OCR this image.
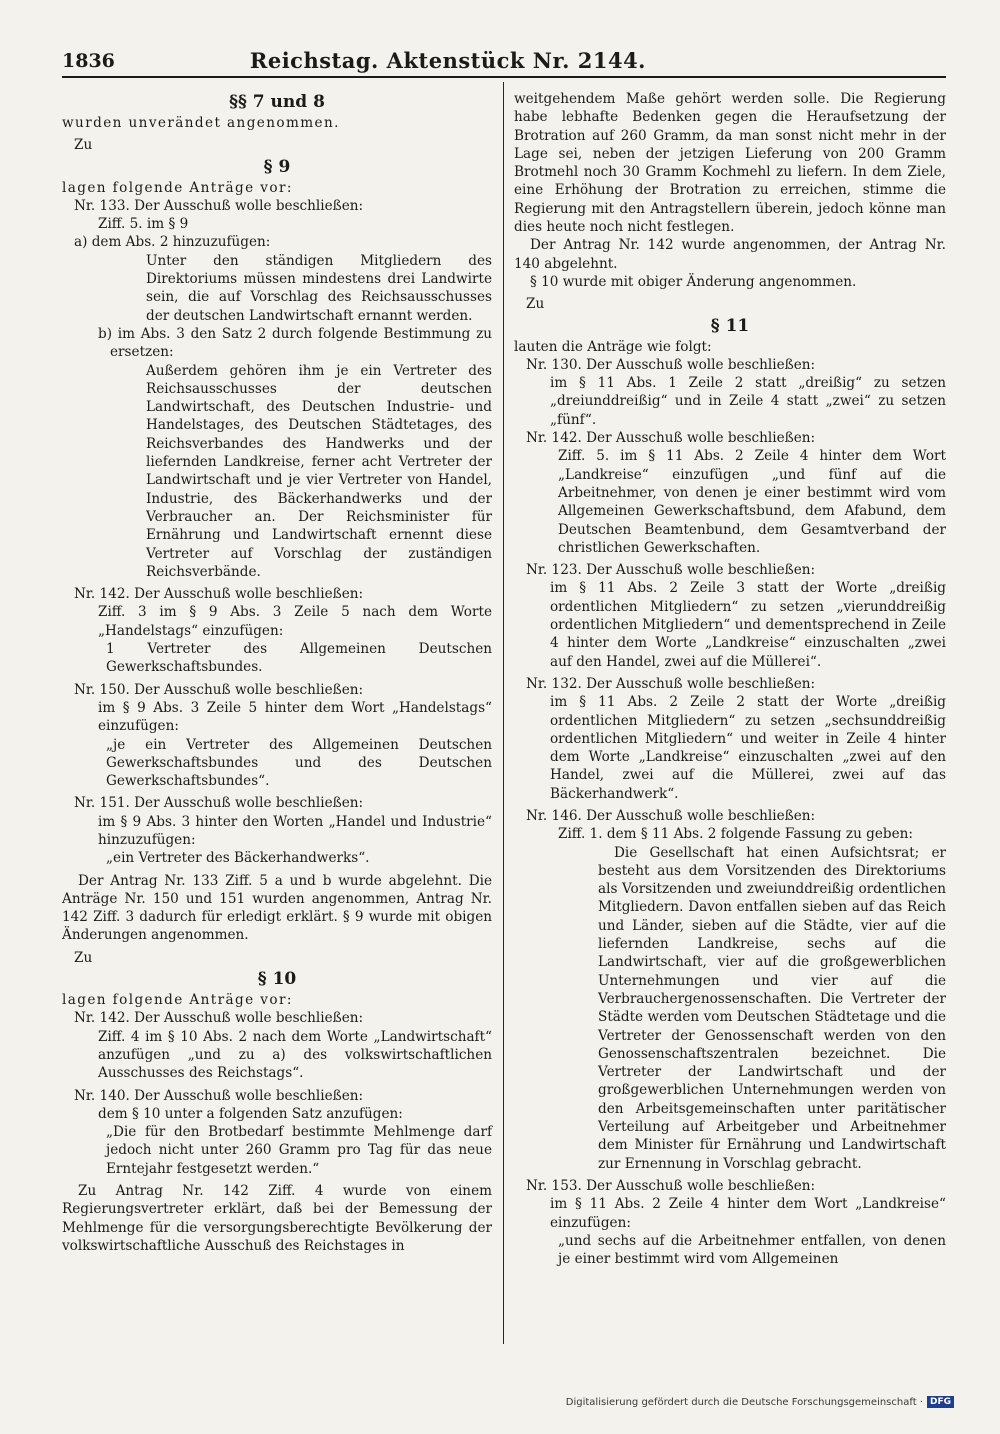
1836	Reichstag. Aktenstück Nr. 2144.

§§ 7 und 8

wurden unverändet angenommen.

Zu

§ 9

lagen folgende Anträge vor:

Nr. 133. Der Ausschuß wolle beschließen:

Ziff. 5. im § 9

a) dem Abs. 2 hinzuzufügen:

Unter den ständigen Mitgliedern des Direktoriums müssen mindestens drei Landwirte sein, die auf Vorschlag des Reichsausschusses der deutschen Landwirtschaft ernannt werden.

b) im Abs. 3 den Satz 2 durch folgende Bestimmung zu ersetzen:

Außerdem gehören ihm je ein Vertreter des Reichsausschusses der deutschen Landwirtschaft, des Deutschen Industrie- und Handelstages, des Deutschen Städtetages, des Reichsverbandes des Handwerks und der liefernden Landkreise, ferner acht Vertreter der Landwirtschaft und je vier Vertreter von Handel, Industrie, des Bäckerhandwerks und der Verbraucher an. Der Reichsminister für Ernährung und Landwirtschaft ernennt diese Vertreter auf Vorschlag der zuständigen Reichsverbände.

Nr. 142. Der Ausschuß wolle beschließen:

Ziff. 3 im § 9 Abs. 3 Zeile 5 nach dem Worte „Handelstags“ einzufügen:

1 Vertreter des Allgemeinen Deutschen Gewerkschaftsbundes.

Nr. 150. Der Ausschuß wolle beschließen:

im § 9 Abs. 3 Zeile 5 hinter dem Wort „Handelstags“ einzufügen:

„je ein Vertreter des Allgemeinen Deutschen Gewerkschaftsbundes und des Deutschen Gewerkschaftsbundes“.

Nr. 151. Der Ausschuß wolle beschließen:

im § 9 Abs. 3 hinter den Worten „Handel und Industrie“ hinzuzufügen:

„ein Vertreter des Bäckerhandwerks“.

Der Antrag Nr. 133 Ziff. 5 a und b wurde abgelehnt. Die Anträge Nr. 150 und 151 wurden angenommen, Antrag Nr. 142 Ziff. 3 dadurch für erledigt erklärt. § 9 wurde mit obigen Änderungen angenommen.

Zu

§ 10

lagen folgende Anträge vor:

Nr. 142. Der Ausschuß wolle beschließen:

Ziff. 4 im § 10 Abs. 2 nach dem Worte „Landwirtschaft“ anzufügen „und zu a) des volkswirtschaftlichen Ausschusses des Reichstags“.

Nr. 140. Der Ausschuß wolle beschließen:

dem § 10 unter a folgenden Satz anzufügen:

„Die für den Brotbedarf bestimmte Mehlmenge darf jedoch nicht unter 260 Gramm pro Tag für das neue Erntejahr festgesetzt werden.“

Zu Antrag Nr. 142 Ziff. 4 wurde von einem Regierungsvertreter erklärt, daß bei der Bemessung der Mehlmenge für die versorgungsberechtigte Bevölkerung der volkswirtschaftliche Ausschuß des Reichstages in

weitgehendem Maße gehört werden solle. Die Regierung habe lebhafte Bedenken gegen die Heraufsetzung der Brotration auf 260 Gramm, da man sonst nicht mehr in der Lage sei, neben der jetzigen Lieferung von 200 Gramm Brotmehl noch 30 Gramm Kochmehl zu liefern. In dem Ziele, eine Erhöhung der Brotration zu erreichen, stimme die Regierung mit den Antragstellern überein, jedoch könne man dies heute noch nicht festlegen.

Der Antrag Nr. 142 wurde angenommen, der Antrag Nr. 140 abgelehnt.

§ 10 wurde mit obiger Änderung angenommen.

Zu

§ 11

lauten die Anträge wie folgt:

Nr. 130. Der Ausschuß wolle beschließen:

im § 11 Abs. 1 Zeile 2 statt „dreißig“ zu setzen „dreiunddreißig“ und in Zeile 4 statt „zwei“ zu setzen „fünf“.

Nr. 142. Der Ausschuß wolle beschließen:

Ziff. 5. im § 11 Abs. 2 Zeile 4 hinter dem Wort „Landkreise“ einzufügen „und fünf auf die Arbeitnehmer, von denen je einer bestimmt wird vom Allgemeinen Gewerkschaftsbund, dem Afabund, dem Deutschen Beamtenbund, dem Gesamtverband der christlichen Gewerkschaften.

Nr. 123. Der Ausschuß wolle beschließen:

im § 11 Abs. 2 Zeile 3 statt der Worte „dreißig ordentlichen Mitgliedern“ zu setzen „vierunddreißig ordentlichen Mitgliedern“ und dementsprechend in Zeile 4 hinter dem Worte „Landkreise“ einzuschalten „zwei auf den Handel, zwei auf die Müllerei“.

Nr. 132. Der Ausschuß wolle beschließen:

im § 11 Abs. 2 Zeile 2 statt der Worte „dreißig ordentlichen Mitgliedern“ zu setzen „sechsunddreißig ordentlichen Mitgliedern“ und weiter in Zeile 4 hinter dem Worte „Landkreise“ einzuschalten „zwei auf den Handel, zwei auf die Müllerei, zwei auf das Bäckerhandwerk“.

Nr. 146. Der Ausschuß wolle beschließen:

Ziff. 1. dem § 11 Abs. 2 folgende Fassung zu geben:

Die Gesellschaft hat einen Aufsichtsrat; er besteht aus dem Vorsitzenden des Direktoriums als Vorsitzenden und zweiunddreißig ordentlichen Mitgliedern. Davon entfallen sieben auf das Reich und Länder, sieben auf die Städte, vier auf die liefernden Landkreise, sechs auf die Landwirtschaft, vier auf die großgewerblichen Unternehmungen und vier auf die Verbrauchergenossenschaften. Die Vertreter der Städte werden vom Deutschen Städtetage und die Vertreter der Genossenschaft werden von den Genossenschaftszentralen bezeichnet. Die Vertreter der Landwirtschaft und der großgewerblichen Unternehmungen werden von den Arbeitsgemeinschaften unter paritätischer Verteilung auf Arbeitgeber und Arbeitnehmer dem Minister für Ernährung und Landwirtschaft zur Ernennung in Vorschlag gebracht.

Nr. 153. Der Ausschuß wolle beschließen:

im § 11 Abs. 2 Zeile 4 hinter dem Wort „Landkreise“ einzufügen:

„und sechs auf die Arbeitnehmer entfallen, von denen je einer bestimmt wird vom Allgemeinen

Digitalisierung gefördert durch die Deutsche Forschungsgemeinschaft · DFG
